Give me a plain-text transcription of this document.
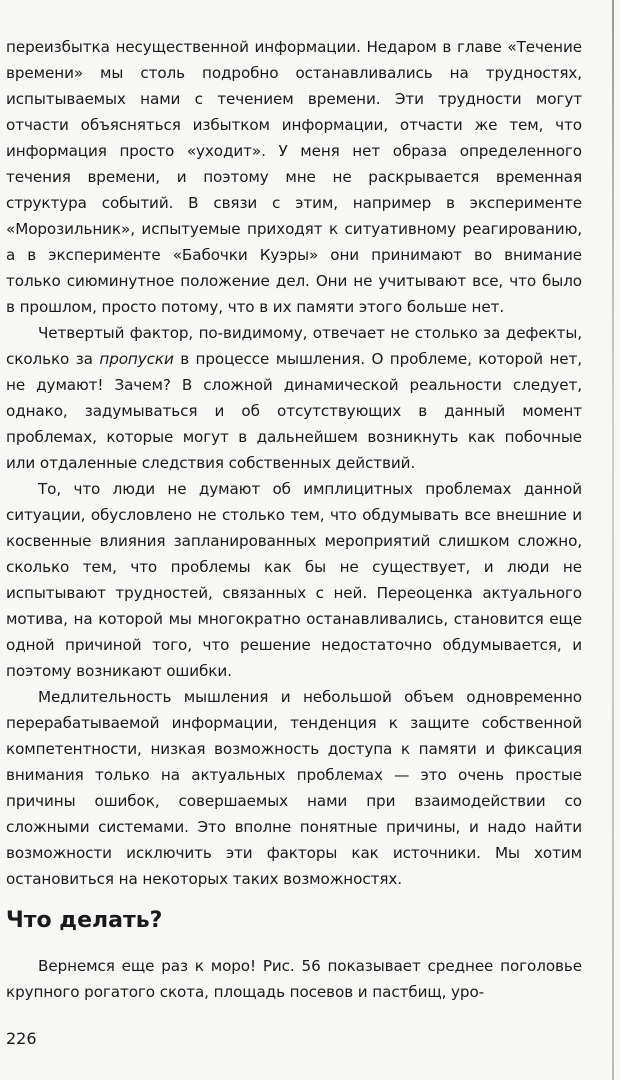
переизбытка несущественной информации. Недаром в главе «Течение времени» мы столь подробно останавливались на трудностях, испытываемых нами с течением времени. Эти трудности могут отчасти объясняться избытком информации, отчасти же тем, что информация просто «уходит». У меня нет образа определенного течения времени, и поэтому мне не раскрывается временная структура событий. В связи с этим, например в эксперименте «Морозильник», испытуемые приходят к ситуативному реагированию, а в эксперименте «Бабочки Куэры» они принимают во внимание только сиюминутное положение дел. Они не учитывают все, что было в прошлом, просто потому, что в их памяти этого больше нет.

Четвертый фактор, по-видимому, отвечает не столько за дефекты, сколько за пропуски в процессе мышления. О проблеме, которой нет, не думают! Зачем? В сложной динамической реальности следует, однако, задумываться и об отсутствующих в данный момент проблемах, которые могут в дальнейшем возникнуть как побочные или отдаленные следствия собственных действий.

То, что люди не думают об имплицитных проблемах данной ситуации, обусловлено не столько тем, что обдумывать все внешние и косвенные влияния запланированных мероприятий слишком сложно, сколько тем, что проблемы как бы не существует, и люди не испытывают трудностей, связанных с ней. Переоценка актуального мотива, на которой мы многократно останавливались, становится еще одной причиной того, что решение недостаточно обдумывается, и поэтому возникают ошибки.

Медлительность мышления и небольшой объем одновременно перерабатываемой информации, тенденция к защите собственной компетентности, низкая возможность доступа к памяти и фиксация внимания только на актуальных проблемах — это очень простые причины ошибок, совершаемых нами при взаимодействии со сложными системами. Это вполне понятные причины, и надо найти возможности исключить эти факторы как источники. Мы хотим остановиться на некоторых таких возможностях.

Что делать?

Вернемся еще раз к моро! Рис. 56 показывает среднее поголовье крупного рогатого скота, площадь посевов и пастбищ, уро-

226
